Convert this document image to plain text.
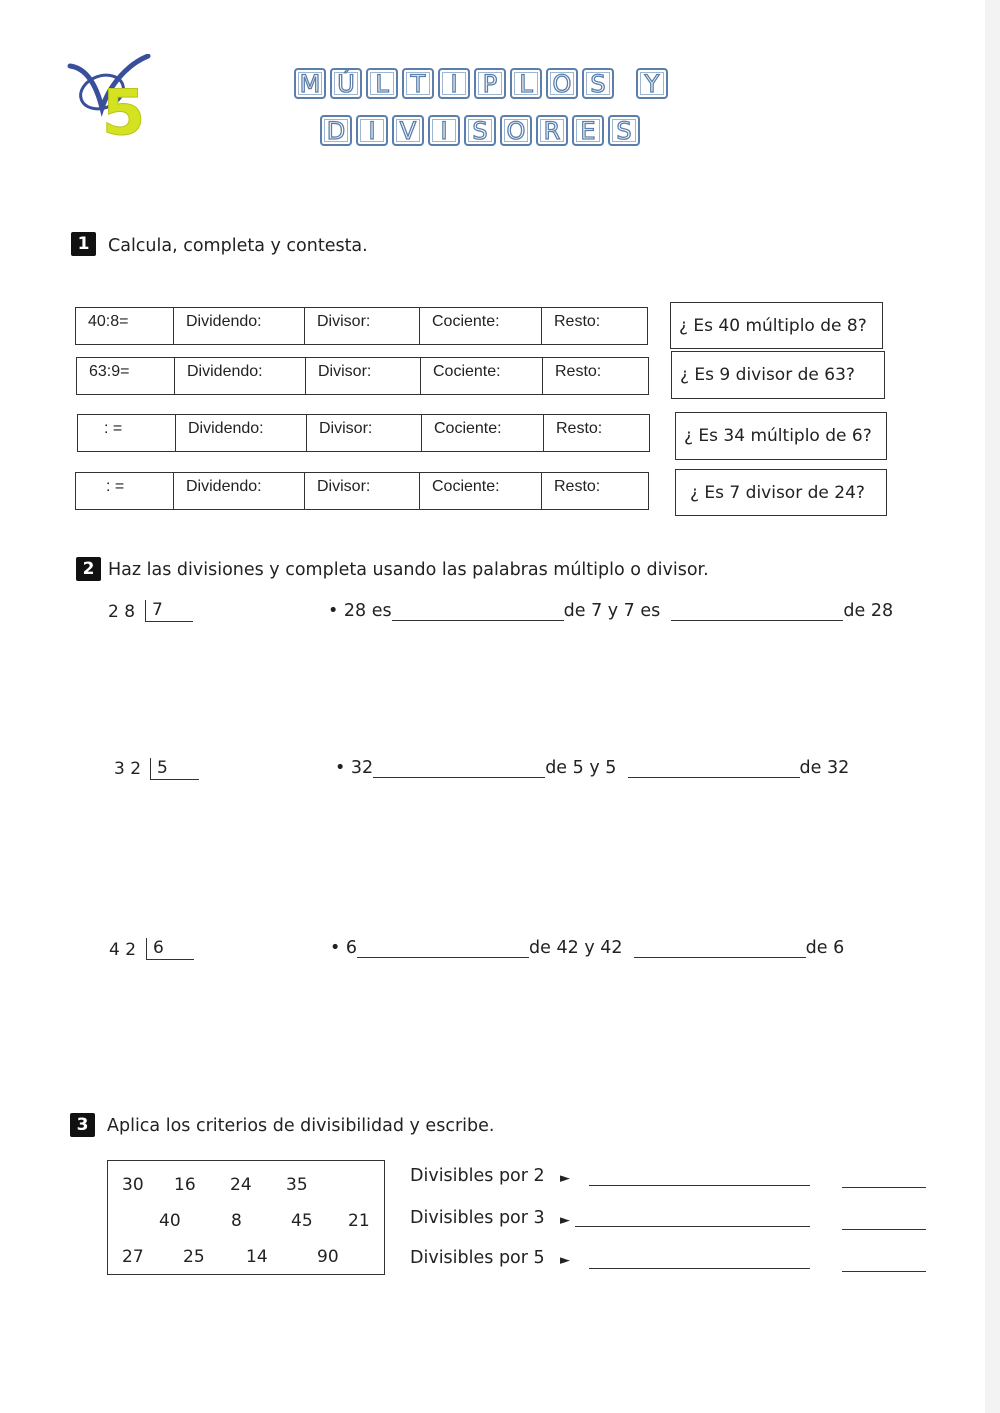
5	M Ú L T	I	P L O S	Y
D I	V	I	S O R E S
1	Calcula, completa y contesta.
40:8=	Dividendo:	Divisor:	Cociente:	Resto:
63:9=	Dividendo:	Divisor:	Cociente:	Resto:
: =	Dividendo:	Divisor:	Cociente:	Resto:
: =	Dividendo:	Divisor:	Cociente:	Resto:
¿ Es 40 múltiplo de 8?
¿ Es 9 divisor de 63?
¿ Es 34 múltiplo de 6?
¿ Es 7 divisor de 24?
2 Haz las divisiones y completa usando las palabras múltiplo o divisor.
2 8 7	•
28 es	de 7 y 7 es
	de 28
3 2 5	•
32	de 5 y 5
	de 32
4 2 6	•
6	de 42 y 42
	de 6
3	Aplica los criterios de divisibilidad y escribe.
30 16 24 35
40	8	45 21
27 25 14	90
Divisibles por 2 ►
Divisibles por 3 ►
Divisibles por 5 ►
